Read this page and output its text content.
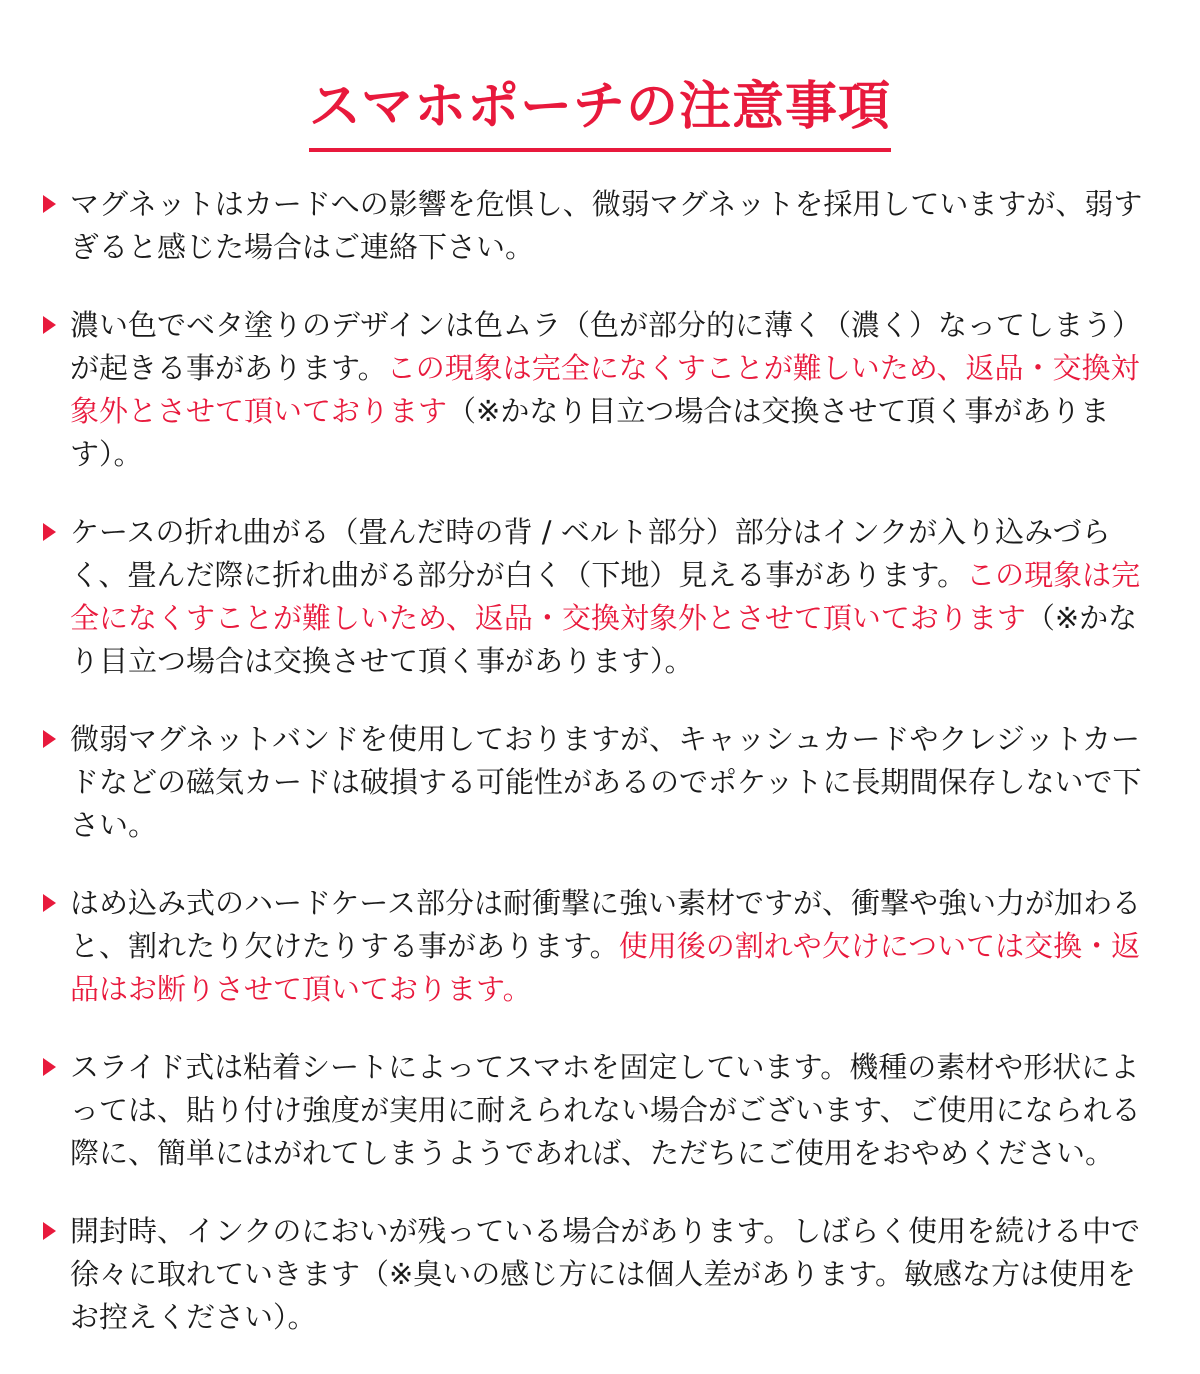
スマホポーチの注意事項
マグネットはカードへの影響を危惧し、微弱マグネットを採用していますが、弱すぎると感じた場合はご連絡下さい。
濃い色でベタ塗りのデザインは色ムラ（色が部分的に薄く（濃く）なってしまう）が起きる事があります。この現象は完全になくすことが難しいため、返品・交換対象外とさせて頂いております（※かなり目立つ場合は交換させて頂く事があります）。
ケースの折れ曲がる（畳んだ時の背 / ベルト部分）部分はインクが入り込みづらく、畳んだ際に折れ曲がる部分が白く（下地）見える事があります。この現象は完全になくすことが難しいため、返品・交換対象外とさせて頂いております（※かなり目立つ場合は交換させて頂く事があります）。
微弱マグネットバンドを使用しておりますが、キャッシュカードやクレジットカードなどの磁気カードは破損する可能性があるのでポケットに長期間保存しないで下さい。
はめ込み式のハードケース部分は耐衝撃に強い素材ですが、衝撃や強い力が加わると、割れたり欠けたりする事があります。使用後の割れや欠けについては交換・返品はお断りさせて頂いております。
スライド式は粘着シートによってスマホを固定しています。機種の素材や形状によっては、貼り付け強度が実用に耐えられない場合がございます、ご使用になられる際に、簡単にはがれてしまうようであれば、ただちにご使用をおやめください。
開封時、インクのにおいが残っている場合があります。しばらく使用を続ける中で徐々に取れていきます（※臭いの感じ方には個人差があります。敏感な方は使用をお控えください）。
